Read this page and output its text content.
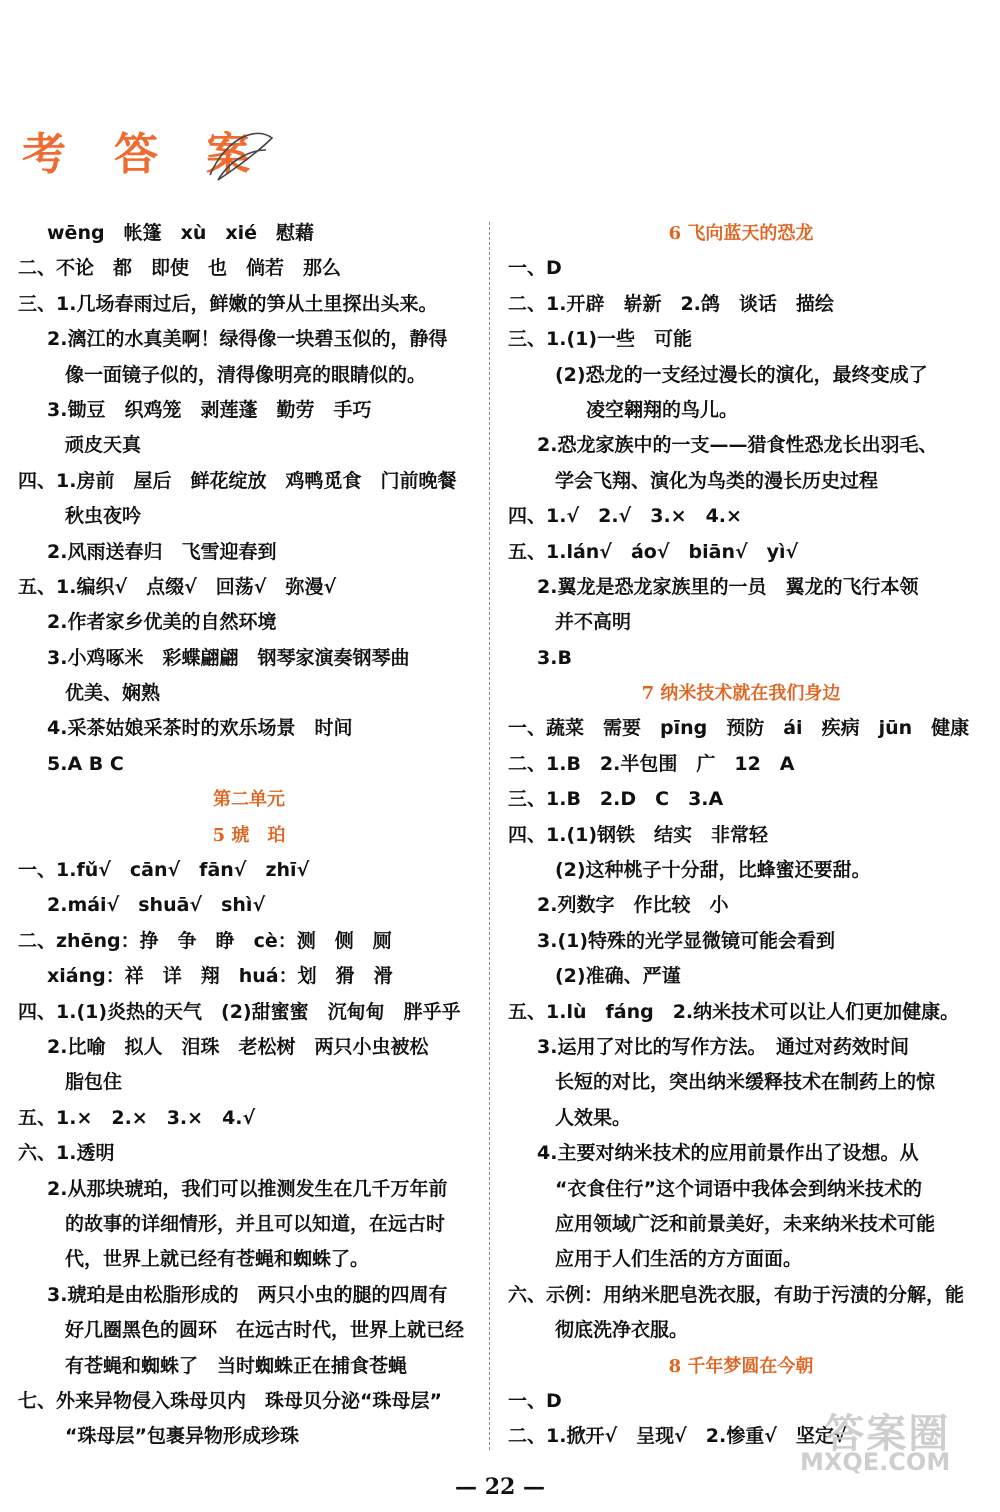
考 答 案
wēng　帐篷　xù　xié　慰藉
二、不论　都　即使　也　倘若　那么
三、1.几场春雨过后，鲜嫩的笋从土里探出头来。
2.漓江的水真美啊！绿得像一块碧玉似的，静得
像一面镜子似的，清得像明亮的眼睛似的。
3.锄豆　织鸡笼　剥莲蓬　勤劳　手巧
顽皮天真
四、1.房前　屋后　鲜花绽放　鸡鸭觅食　门前晚餐
秋虫夜吟
2.风雨送春归　飞雪迎春到
五、1.编织√　点缀√　回荡√　弥漫√
2.作者家乡优美的自然环境
3.小鸡啄米　彩蝶翩翩　钢琴家演奏钢琴曲
优美、娴熟
4.采茶姑娘采茶时的欢乐场景　时间
5.A B C
第二单元
5 琥　珀
一、1.fǔ√　cān√　fān√　zhī√
2.mái√　shuā√　shì√
二、zhēng：挣　争　睁　cè：测　侧　厕
xiáng：祥　详　翔　huá：划　猾　滑
四、1.(1)炎热的天气　(2)甜蜜蜜　沉甸甸　胖乎乎
2.比喻　拟人　泪珠　老松树　两只小虫被松
脂包住
五、1.×　2.×　3.×　4.√
六、1.透明
2.从那块琥珀，我们可以推测发生在几千万年前
的故事的详细情形，并且可以知道，在远古时
代，世界上就已经有苍蝇和蜘蛛了。
3.琥珀是由松脂形成的　两只小虫的腿的四周有
好几圈黑色的圆环　在远古时代，世界上就已经
有苍蝇和蜘蛛了　当时蜘蛛正在捕食苍蝇
七、外来异物侵入珠母贝内　珠母贝分泌“珠母层”
“珠母层”包裹异物形成珍珠
6 飞向蓝天的恐龙
一、D
二、1.开辟　崭新　2.鸽　谈话　描绘
三、1.(1)一些　可能
(2)恐龙的一支经过漫长的演化，最终变成了
凌空翱翔的鸟儿。
2.恐龙家族中的一支——猎食性恐龙长出羽毛、
学会飞翔、演化为鸟类的漫长历史过程
四、1.√　2.√　3.×　4.×
五、1.lán√　áo√　biān√　yì√
2.翼龙是恐龙家族里的一员　翼龙的飞行本领
并不高明
3.B
7 纳米技术就在我们身边
一、蔬菜　需要　pīng　预防　ái　疾病　jūn　健康
二、1.B　2.半包围　广　12　A
三、1.B　2.D　C　3.A
四、1.(1)钢铁　结实　非常轻
(2)这种桃子十分甜，比蜂蜜还要甜。
2.列数字　作比较　小
3.(1)特殊的光学显微镜可能会看到
(2)准确、严谨
五、1.lù　fáng　2.纳米技术可以让人们更加健康。
3.运用了对比的写作方法。　通过对药效时间
长短的对比，突出纳米缓释技术在制药上的惊
人效果。
4.主要对纳米技术的应用前景作出了设想。从
“衣食住行”这个词语中我体会到纳米技术的
应用领域广泛和前景美好，未来纳米技术可能
应用于人们生活的方方面面。
六、示例：用纳米肥皂洗衣服，有助于污渍的分解，能
彻底洗净衣服。
8 千年梦圆在今朝
一、D
二、1.掀开√　呈现√　2.惨重√　坚定√
— 22 —
答案圈
MXQE.COM
